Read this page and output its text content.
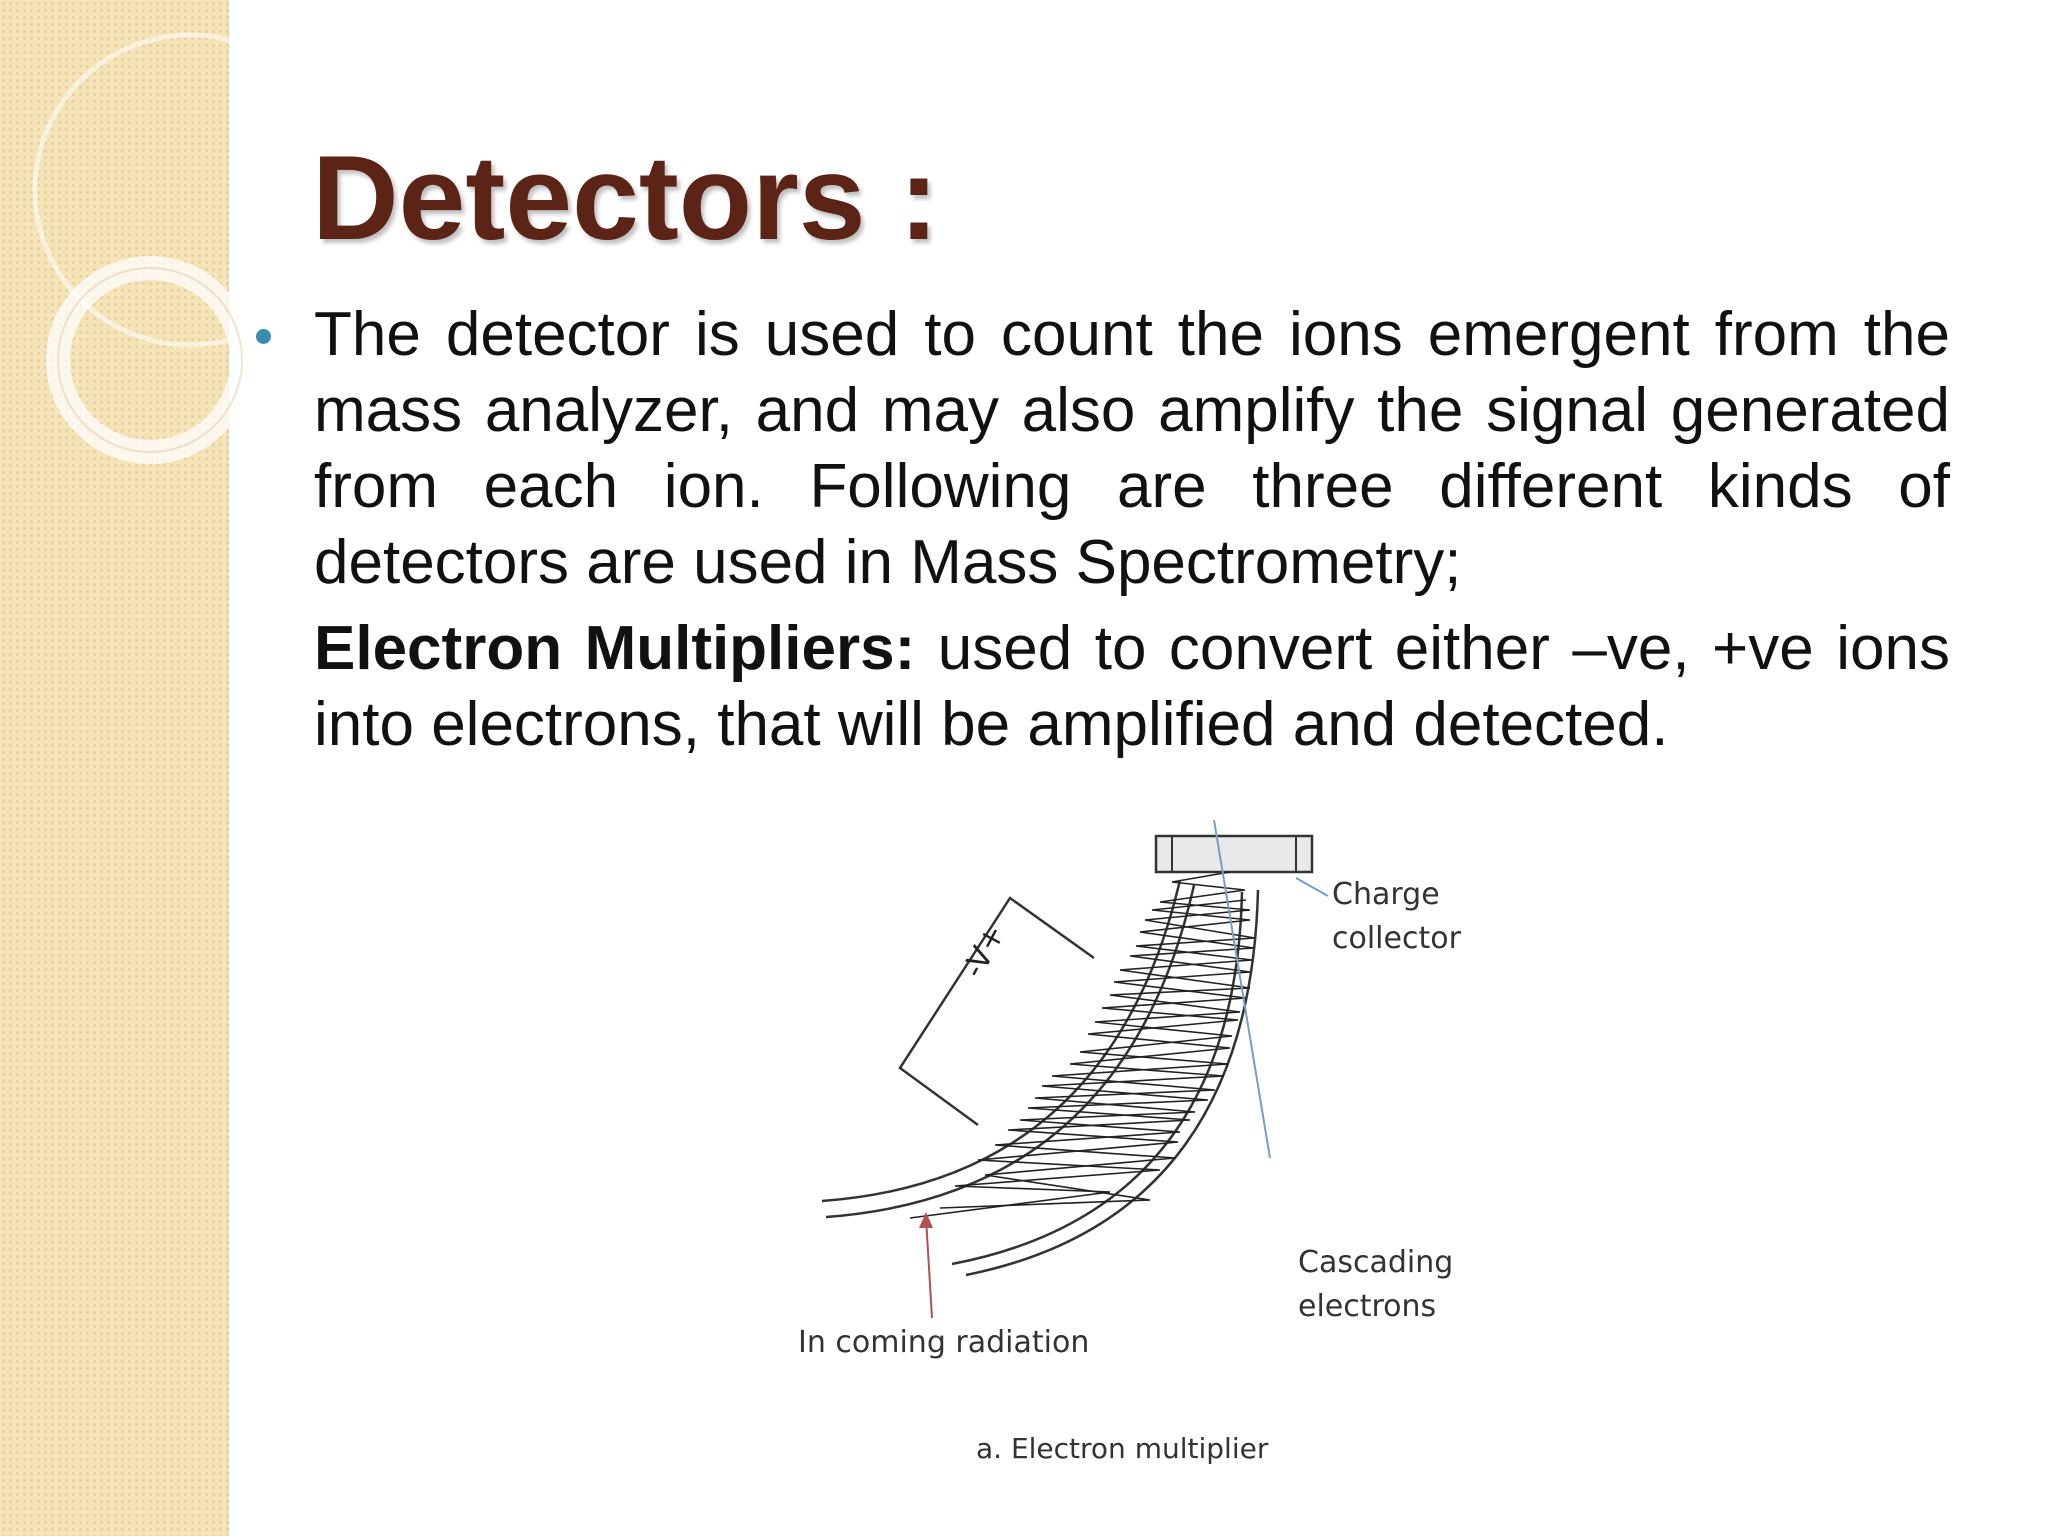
Detectors :

The detector is used to count the ions emergent from the mass analyzer, and may also amplify the signal generated from each ion. Following are three different kinds of detectors are used in Mass Spectrometry;

Electron Multipliers: used to convert either –ve, +ve ions into electrons, that will be amplified and detected.

-V+
Charge
collector
Cascading
electrons
In coming radiation
a. Electron multiplier
